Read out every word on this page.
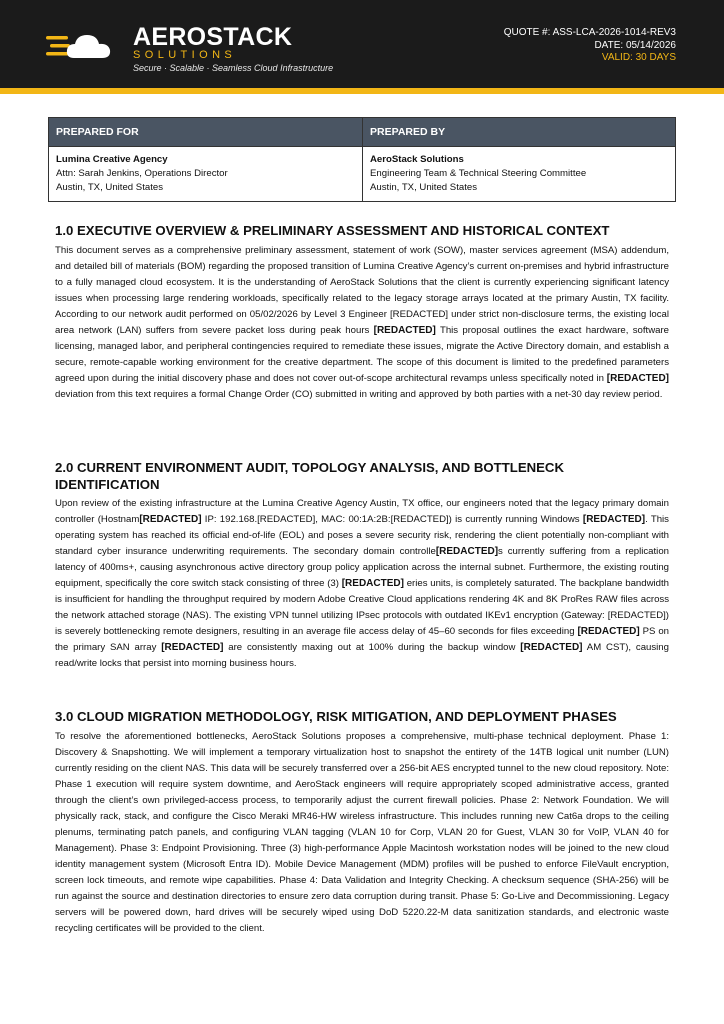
AEROSTACK
SOLUTIONS
Secure · Scalable · Seamless Cloud Infrastructure
QUOTE #: ASS-LCA-2026-1014-REV3
DATE: 05/14/2026
VALID: 30 DAYS
PREPARED FOR
Lumina Creative Agency
Attn: Sarah Jenkins, Operations Director
Austin, TX, United States
PREPARED BY
AeroStack Solutions
Engineering Team & Technical Steering Committee
Austin, TX, United States
1.0 EXECUTIVE OVERVIEW & PRELIMINARY ASSESSMENT AND HISTORICAL CONTEXT

This document serves as a comprehensive preliminary assessment, statement of work (SOW), master services agreement (MSA) addendum, and detailed bill of materials (BOM) regarding the proposed transition of Lumina Creative Agency’s current on-premises and hybrid infrastructure to a fully managed cloud ecosystem. It is the understanding of AeroStack Solutions that the client is currently experiencing significant latency issues when processing large rendering workloads, specifically related to the legacy storage arrays located at the primary Austin, TX facility. According to our network audit performed on 05/02/2026 by Level 3 Engineer [REDACTED] under strict non-disclosure terms, the existing local area network (LAN) suffers from severe packet loss during peak hours [REDACTED] This proposal outlines the exact hardware, software licensing, managed labor, and peripheral contingencies required to remediate these issues, migrate the Active Directory domain, and establish a secure, remote-capable working environment for the creative department. The scope of this document is limited to the predefined parameters agreed upon during the initial discovery phase and does not cover out-of-scope architectural revamps unless specifically noted in [REDACTED] deviation from this text requires a formal Change Order (CO) submitted in writing and approved by both parties with a net-30 day review period.

2.0 CURRENT ENVIRONMENT AUDIT, TOPOLOGY ANALYSIS, AND BOTTLENECK IDENTIFICATION

Upon review of the existing infrastructure at the Lumina Creative Agency Austin, TX office, our engineers noted that the legacy primary domain controller (Hostnam[REDACTED] IP: 192.168.[REDACTED], MAC: 00:1A:2B:[REDACTED]) is currently running Windows [REDACTED]. This operating system has reached its official end-of-life (EOL) and poses a severe security risk, rendering the client potentially non-compliant with standard cyber insurance underwriting requirements. The secondary domain controlle[REDACTED]s currently suffering from a replication latency of 400ms+, causing asynchronous active directory group policy application across the internal subnet. Furthermore, the existing routing equipment, specifically the core switch stack consisting of three (3) [REDACTED] eries units, is completely saturated. The backplane bandwidth is insufficient for handling the throughput required by modern Adobe Creative Cloud applications rendering 4K and 8K ProRes RAW files across the network attached storage (NAS). The existing VPN tunnel utilizing IPsec protocols with outdated IKEv1 encryption (Gateway: [REDACTED]) is severely bottlenecking remote designers, resulting in an average file access delay of 45–60 seconds for files exceeding [REDACTED] PS on the primary SAN array [REDACTED] are consistently maxing out at 100% during the backup window [REDACTED] AM CST), causing read/write locks that persist into morning business hours.

3.0 CLOUD MIGRATION METHODOLOGY, RISK MITIGATION, AND DEPLOYMENT PHASES

To resolve the aforementioned bottlenecks, AeroStack Solutions proposes a comprehensive, multi-phase technical deployment. Phase 1: Discovery & Snapshotting. We will implement a temporary virtualization host to snapshot the entirety of the 14TB logical unit number (LUN) currently residing on the client NAS. This data will be securely transferred over a 256-bit AES encrypted tunnel to the new cloud repository. Note: Phase 1 execution will require system downtime, and AeroStack engineers will require appropriately scoped administrative access, granted through the client’s own privileged-access process, to temporarily adjust the current firewall policies. Phase 2: Network Foundation. We will physically rack, stack, and configure the Cisco Meraki MR46-HW wireless infrastructure. This includes running new Cat6a drops to the ceiling plenums, terminating patch panels, and configuring VLAN tagging (VLAN 10 for Corp, VLAN 20 for Guest, VLAN 30 for VoIP, VLAN 40 for Management). Phase 3: Endpoint Provisioning. Three (3) high-performance Apple Macintosh workstation nodes will be joined to the new cloud identity management system (Microsoft Entra ID). Mobile Device Management (MDM) profiles will be pushed to enforce FileVault encryption, screen lock timeouts, and remote wipe capabilities. Phase 4: Data Validation and Integrity Checking. A checksum sequence (SHA-256) will be run against the source and destination directories to ensure zero data corruption during transit. Phase 5: Go-Live and Decommissioning. Legacy servers will be powered down, hard drives will be securely wiped using DoD 5220.22-M data sanitization standards, and electronic waste recycling certificates will be provided to the client.
